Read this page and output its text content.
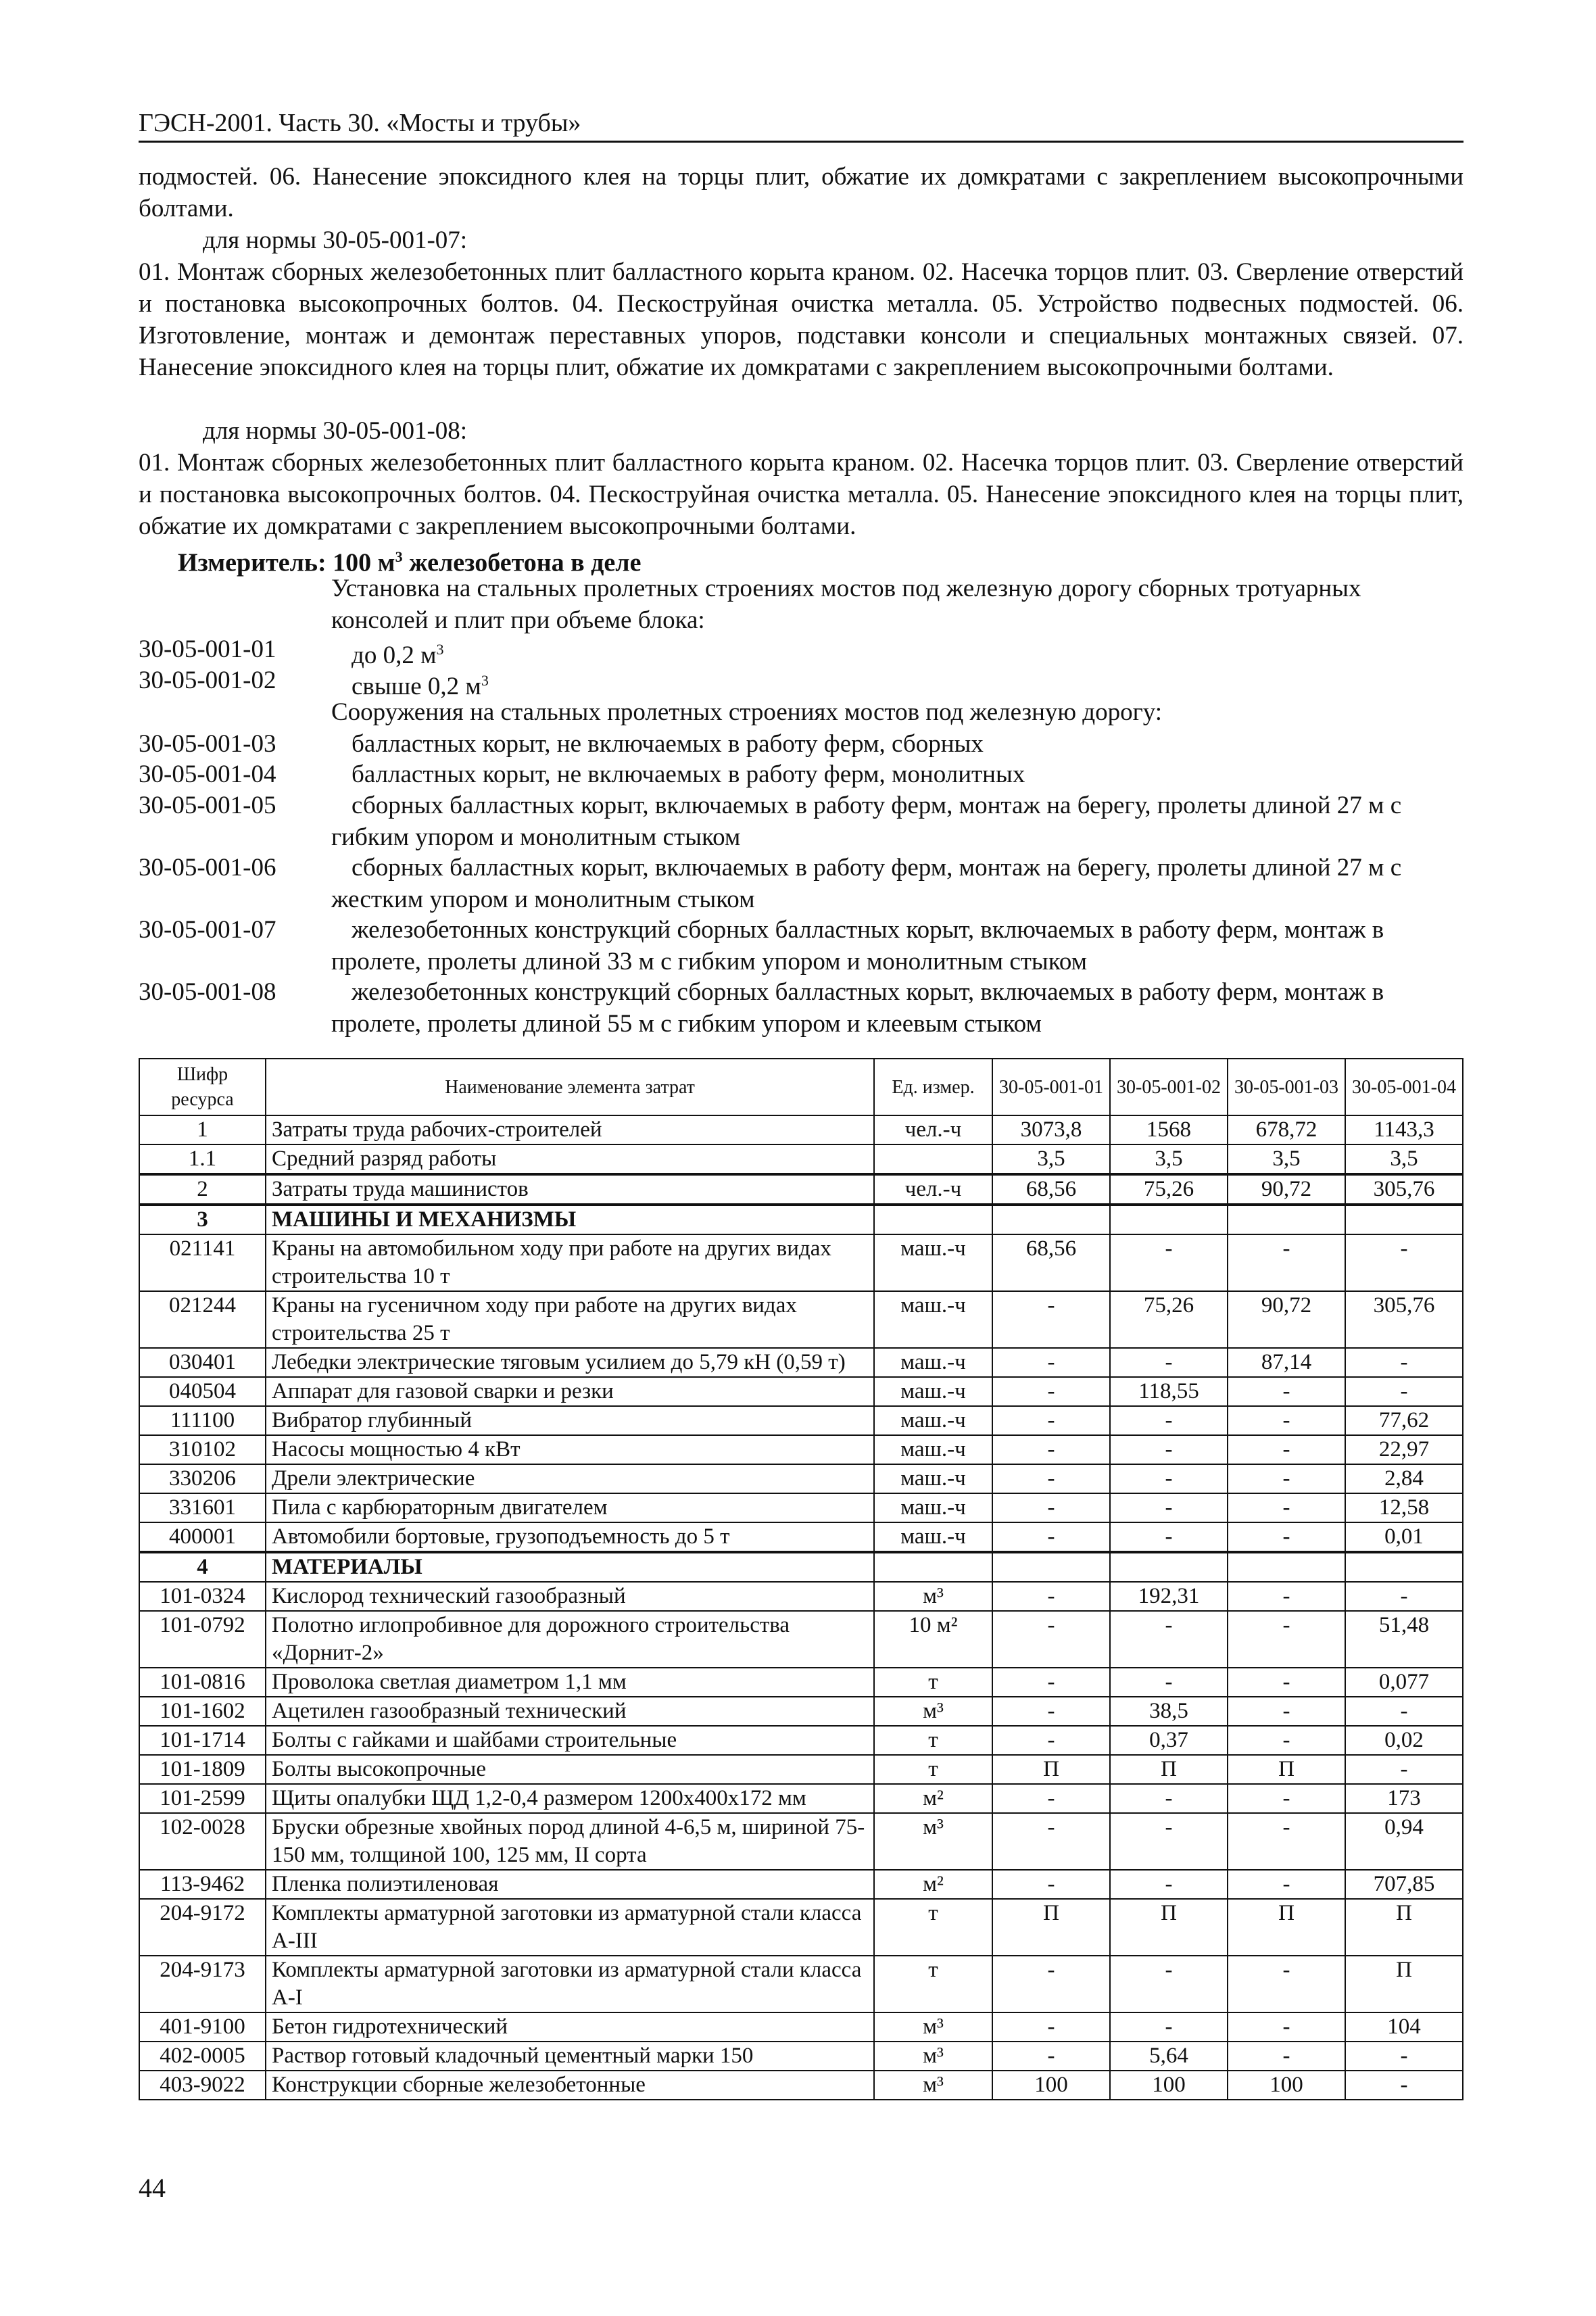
ГЭСН-2001. Часть 30. «Мосты и трубы»
подмостей. 06. Нанесение эпоксидного клея на торцы плит, обжатие их домкратами с закреплением высокопрочными болтами.
для нормы 30-05-001-07:
01. Монтаж сборных железобетонных плит балластного корыта краном. 02. Насечка торцов плит. 03. Сверление отверстий и постановка высокопрочных болтов. 04. Пескоструйная очистка металла. 05. Устройство подвесных подмостей. 06. Изготовление, монтаж и демонтаж переставных упоров, подставки консоли и специальных монтажных связей. 07. Нанесение эпоксидного клея на торцы плит, обжатие их домкратами с закреплением высокопрочными болтами.
для нормы 30-05-001-08:
01. Монтаж сборных железобетонных плит балластного корыта краном. 02. Насечка торцов плит. 03. Сверление отверстий и постановка высокопрочных болтов. 04. Пескоструйная очистка металла. 05. Нанесение эпоксидного клея на торцы плит, обжатие их домкратами с закреплением высокопрочными болтами.
Измеритель: 100 $м^3$ железобетона в деле
Установка на стальных пролетных строениях мостов под железную дорогу сборных тротуарных консолей и плит при объеме блока:
Сооружения на стальных пролетных строениях мостов под железную дорогу:
30-05-001-01	до 0,2 $м^3$
30-05-001-02	свыше 0,2 $м^3$
30-05-001-03	балластных корыт, не включаемых в работу ферм, сборных
30-05-001-04	балластных корыт, не включаемых в работу ферм, монолитных
30-05-001-05	сборных балластных корыт, включаемых в работу ферм, монтаж на берегу, пролеты длиной 27 м с гибким упором и монолитным стыком
30-05-001-06	сборных балластных корыт, включаемых в работу ферм, монтаж на берегу, пролеты длиной 27 м с жестким упором и монолитным стыком
30-05-001-07	железобетонных конструкций сборных балластных корыт, включаемых в работу ферм, монтаж в пролете, пролеты длиной 33 м с гибким упором и монолитным стыком
30-05-001-08	железобетонных конструкций сборных балластных корыт, включаемых в работу ферм, монтаж в пролете, пролеты длиной 55 м с гибким упором и клеевым стыком
Шифр ресурса	Наименование элемента затрат	Ед. измер.	30-05-001-01	30-05-001-02	30-05-001-03	30-05-001-04
1	Затраты труда рабочих-строителей	чел.-ч	3073,8	1568	678,72	1143,3
1.1	Средний разряд работы		3,5	3,5	3,5	3,5
2	Затраты труда машинистов	чел.-ч	68,56	75,26	90,72	305,76
3	МАШИНЫ И МЕХАНИЗМЫ					
021141	Краны на автомобильном ходу при работе на других видах строительства 10 т	маш.-ч	68,56	-	-	-
021244	Краны на гусеничном ходу при работе на других видах строительства 25 т	маш.-ч	-	75,26	90,72	305,76
030401	Лебедки электрические тяговым усилием до 5,79 кН (0,59 т)	маш.-ч	-	-	87,14	-
040504	Аппарат для газовой сварки и резки	маш.-ч	-	118,55	-	-
111100	Вибратор глубинный	маш.-ч	-	-	-	77,62
310102	Насосы мощностью 4 кВт	маш.-ч	-	-	-	22,97
330206	Дрели электрические	маш.-ч	-	-	-	2,84
331601	Пила с карбюраторным двигателем	маш.-ч	-	-	-	12,58
400001	Автомобили бортовые, грузоподъемность до 5 т	маш.-ч	-	-	-	0,01
4	МАТЕРИАЛЫ					
101-0324	Кислород технический газообразный	м³	-	192,31	-	-
101-0792	Полотно иглопробивное для дорожного строительства «Дорнит-2»	10 м²	-	-	-	51,48
101-0816	Проволока светлая диаметром 1,1 мм	т	-	-	-	0,077
101-1602	Ацетилен газообразный технический	м³	-	38,5	-	-
101-1714	Болты с гайками и шайбами строительные	т	-	0,37	-	0,02
101-1809	Болты высокопрочные	т	П	П	П	-
101-2599	Щиты опалубки ЩД 1,2-0,4 размером 1200х400х172 мм	м²	-	-	-	173
102-0028	Бруски обрезные хвойных пород длиной 4-6,5 м, шириной 75-150 мм, толщиной 100, 125 мм, II сорта	м³	-	-	-	0,94
113-9462	Пленка полиэтиленовая	м²	-	-	-	707,85
204-9172	Комплекты арматурной заготовки из арматурной стали класса А-III	т	П	П	П	П
204-9173	Комплекты арматурной заготовки из арматурной стали класса А-I	т	-	-	-	П
401-9100	Бетон гидротехнический	м³	-	-	-	104
402-0005	Раствор готовый кладочный цементный марки 150	м³	-	5,64	-	-
403-9022	Конструкции сборные железобетонные	м³	100	100	100	-
44
